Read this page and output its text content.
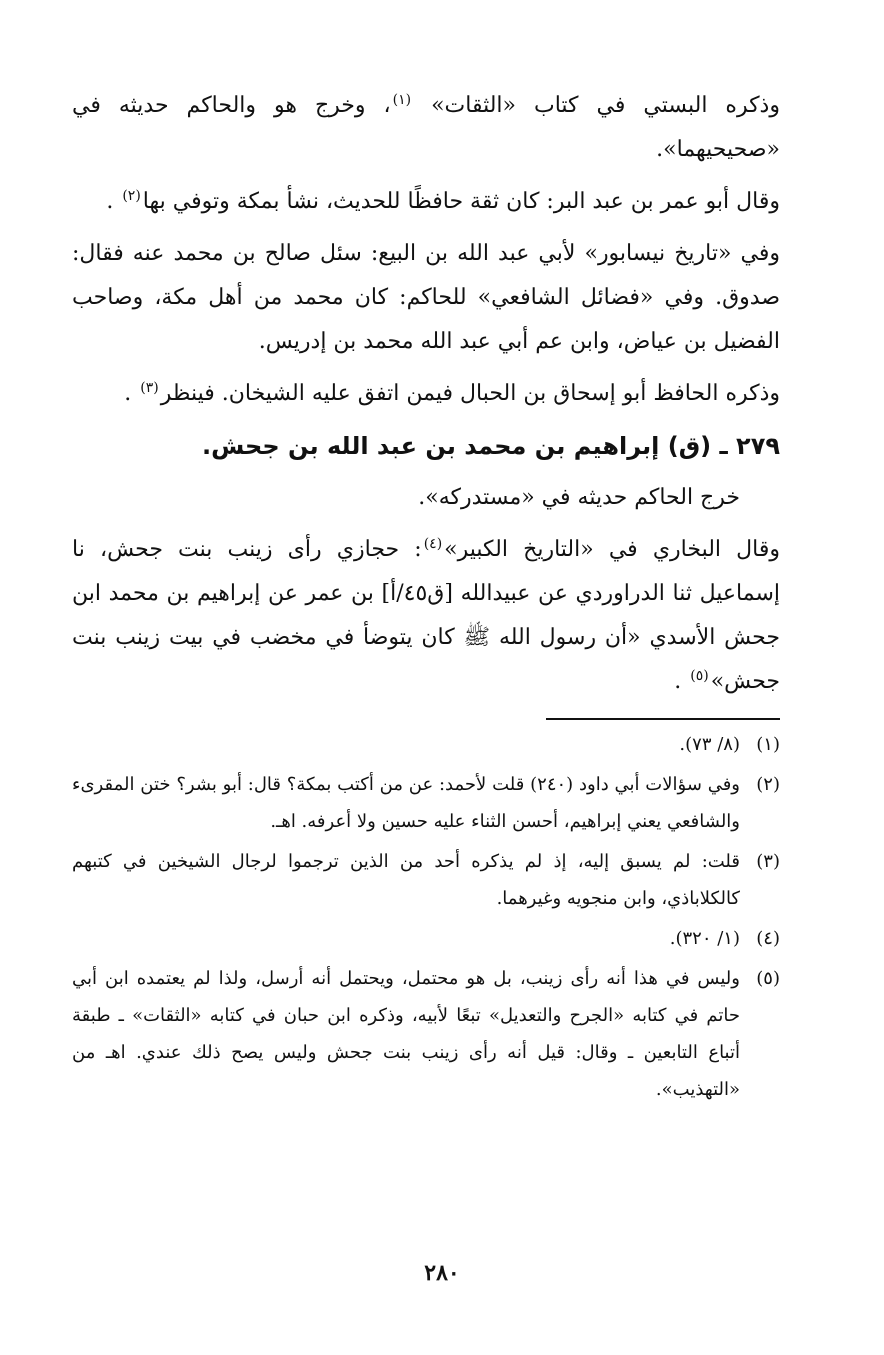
وذكره البستي في كتاب «الثقات» $^{(١)}$، وخرج هو والحاكم حديثه في «صحيحيهما».

وقال أبو عمر بن عبد البر: كان ثقة حافظًا للحديث، نشأ بمكة وتوفي بها$^{(٢)}$ .

وفي «تاريخ نيسابور» لأبي عبد الله بن البيع: سئل صالح بن محمد عنه فقال: صدوق. وفي «فضائل الشافعي» للحاكم: كان محمد من أهل مكة، وصاحب الفضيل بن عياض، وابن عم أبي عبد الله محمد بن إدريس.

وذكره الحافظ أبو إسحاق بن الحبال فيمن اتفق عليه الشيخان. فينظر$^{(٣)}$ .

٢٧٩ ـ (ق) إبراهيم بن محمد بن عبد الله بن جحش.

خرج الحاكم حديثه في «مستدركه».

وقال البخاري في «التاريخ الكبير»$^{(٤)}$: حجازي رأى زينب بنت جحش، نا إسماعيل ثنا الدراوردي عن عبيدالله [ق٤٥/أ] بن عمر عن إبراهيم بن محمد ابن جحش الأسدي «أن رسول الله ﷺ كان يتوضأ في مخضب في بيت زينب بنت جحش»$^{(٥)}$ .

(١)
(٨/ ٧٣).
(٢)
وفي سؤالات أبي داود (٢٤٠) قلت لأحمد: عن من أكتب بمكة؟ قال: أبو بشر؟ ختن المقرىء والشافعي يعني إبراهيم، أحسن الثناء عليه حسين ولا أعرفه. اهـ.
(٣)
قلت: لم يسبق إليه، إذ لم يذكره أحد من الذين ترجموا لرجال الشيخين في كتبهم كالكلاباذي، وابن منجويه وغيرهما.
(٤)
(١/ ٣٢٠).
(٥)
وليس في هذا أنه رأى زينب، بل هو محتمل، ويحتمل أنه أرسل، ولذا لم يعتمده ابن أبي حاتم في كتابه «الجرح والتعديل» تبعًا لأبيه، وذكره ابن حبان في كتابه «الثقات» ـ طبقة أتباع التابعين ـ وقال: قيل أنه رأى زينب بنت جحش وليس يصح ذلك عندي. اهـ من «التهذيب».
٢٨٠
